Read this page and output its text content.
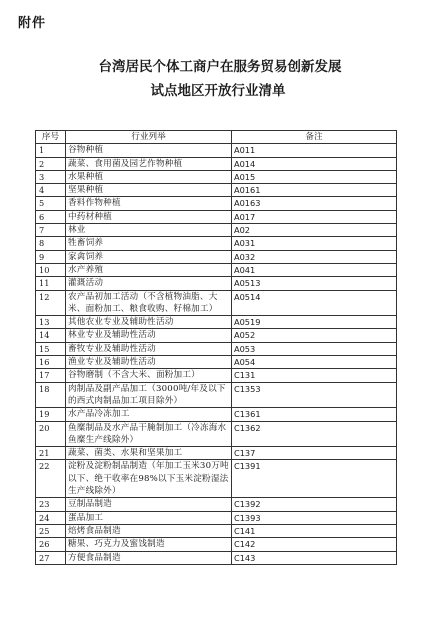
附件
台湾居民个体工商户在服务贸易创新发展
试点地区开放行业清单
序号	行业列举	备注
1	谷物种植	A011
2	蔬菜、食用菌及园艺作物种植	A014
3	水果种植	A015
4	坚果种植	A0161
5	香料作物种植	A0163
6	中药材种植	A017
7	林业	A02
8	牲畜饲养	A031
9	家禽饲养	A032
10	水产养殖	A041
11	灌溉活动	A0513
12	农产品初加工活动（不含植物油脂、大米、面粉加工、粮食收购、籽棉加工）	A0514
13	其他农业专业及辅助性活动	A0519
14	林业专业及辅助性活动	A052
15	畜牧专业及辅助性活动	A053
16	渔业专业及辅助性活动	A054
17	谷物磨制（不含大米、面粉加工）	C131
18	肉制品及副产品加工（3000吨/年及以下的西式肉制品加工项目除外）	C1353
19	水产品冷冻加工	C1361
20	鱼糜制品及水产品干腌制加工（冷冻海水鱼糜生产线除外）	C1362
21	蔬菜、菌类、水果和坚果加工	C137
22	淀粉及淀粉制品制造（年加工玉米30万吨以下、绝干收率在98%以下玉米淀粉湿法生产线除外）	C1391
23	豆制品制造	C1392
24	蛋品加工	C1393
25	焙烤食品制造	C141
26	糖果、巧克力及蜜饯制造	C142
27	方便食品制造	C143
